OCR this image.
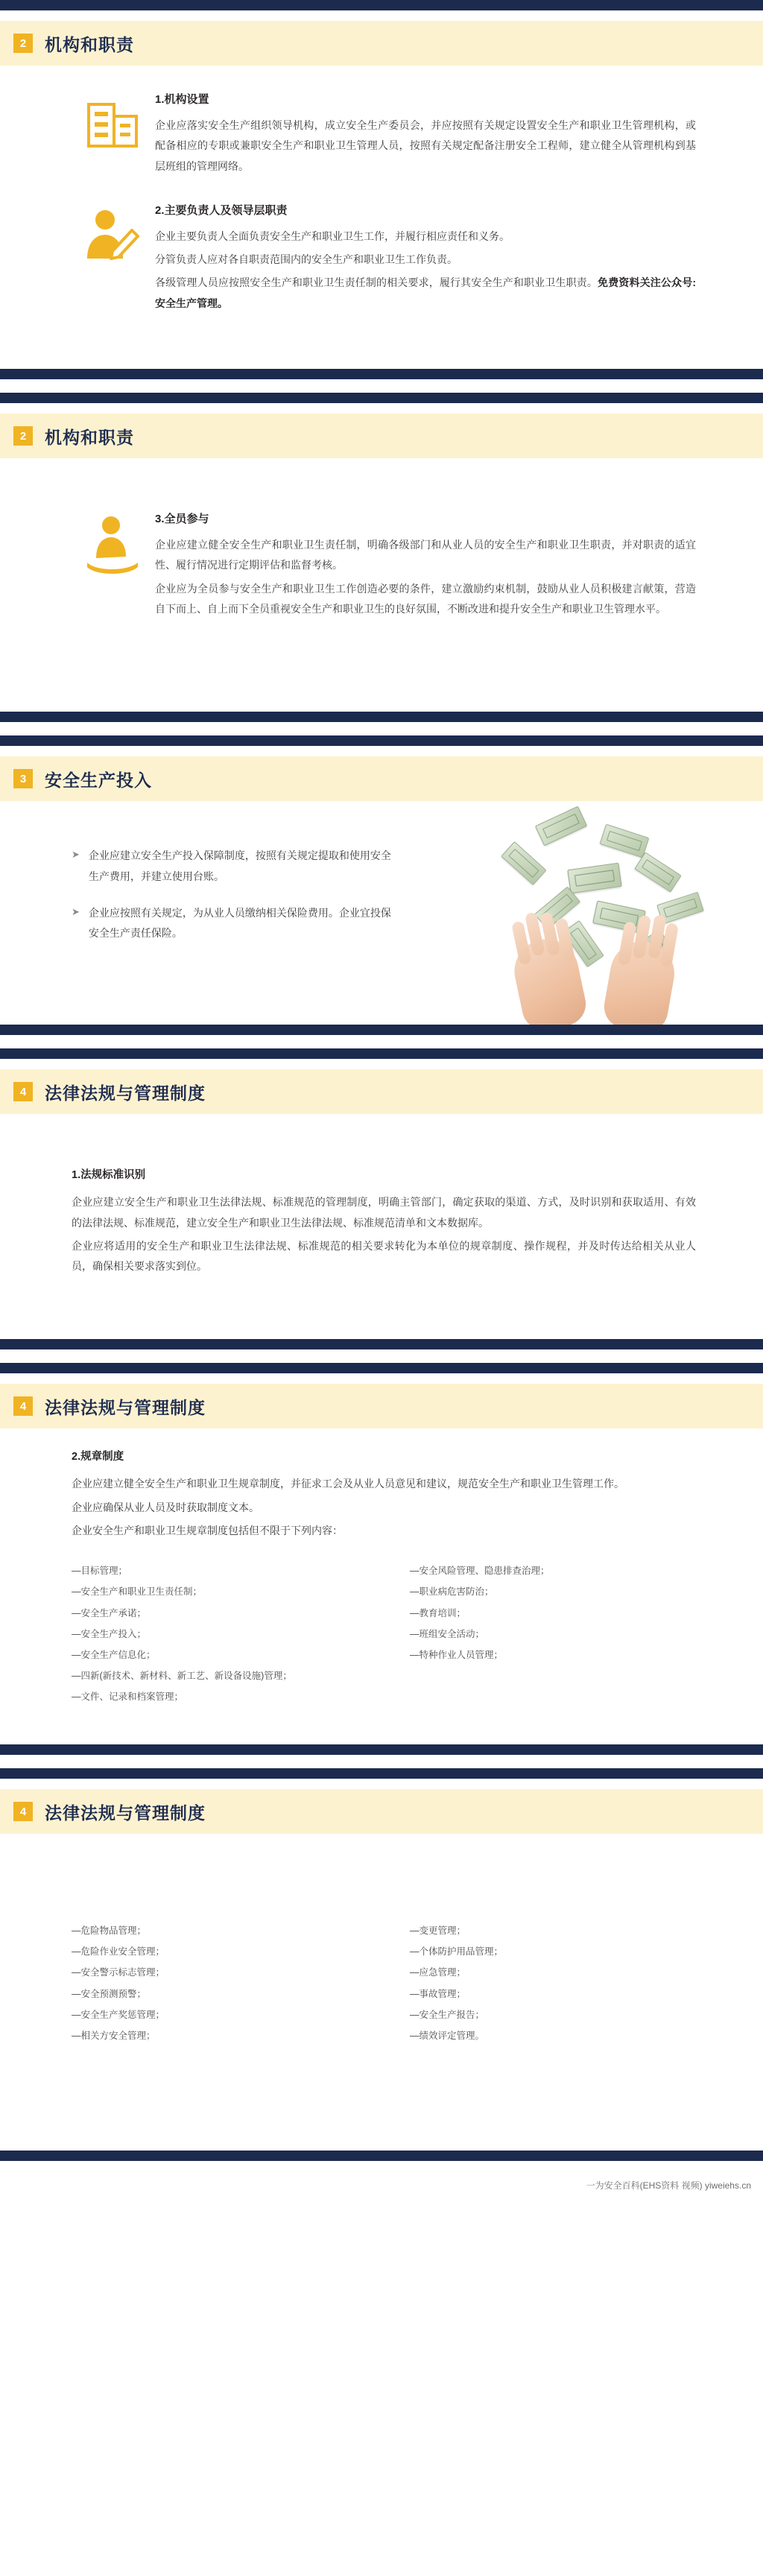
2	机构和职责
1.机构设置

企业应落实安全生产组织领导机构，成立安全生产委员会，并应按照有关规定设置安全生产和职业卫生管理机构，或配备相应的专职或兼职安全生产和职业卫生管理人员，按照有关规定配备注册安全工程师，建立健全从管理机构到基层班组的管理网络。

2.主要负责人及领导层职责

企业主要负责人全面负责安全生产和职业卫生工作，并履行相应责任和义务。

分管负责人应对各自职责范围内的安全生产和职业卫生工作负责。

各级管理人员应按照安全生产和职业卫生责任制的相关要求，履行其安全生产和职业卫生职责。免费资料关注公众号:安全生产管理。

2	机构和职责
3.全员参与

企业应建立健全安全生产和职业卫生责任制，明确各级部门和从业人员的安全生产和职业卫生职责，并对职责的适宜性、履行情况进行定期评估和监督考核。

企业应为全员参与安全生产和职业卫生工作创造必要的条件，建立激励约束机制，鼓励从业人员积极建言献策，营造自下而上、自上而下全员重视安全生产和职业卫生的良好氛围，不断改进和提升安全生产和职业卫生管理水平。

3	安全生产投入
➤ 企业应建立安全生产投入保障制度，按照有关规定提取和使用安全生产费用，并建立使用台账。
➤ 企业应按照有关规定，为从业人员缴纳相关保险费用。企业宜投保安全生产责任保险。
4	法律法规与管理制度
1.法规标准识别

企业应建立安全生产和职业卫生法律法规、标准规范的管理制度，明确主管部门，确定获取的渠道、方式，及时识别和获取适用、有效的法律法规、标准规范，建立安全生产和职业卫生法律法规、标准规范清单和文本数据库。

企业应将适用的安全生产和职业卫生法律法规、标准规范的相关要求转化为本单位的规章制度、操作规程，并及时传达给相关从业人员，确保相关要求落实到位。

4	法律法规与管理制度
2.规章制度

企业应建立健全安全生产和职业卫生规章制度，并征求工会及从业人员意见和建议，规范安全生产和职业卫生管理工作。

企业应确保从业人员及时获取制度文本。

企业安全生产和职业卫生规章制度包括但不限于下列内容：

—目标管理；
—安全生产和职业卫生责任制；
—安全生产承诺；
—安全生产投入；
—安全生产信息化；
—四新(新技术、新材料、新工艺、新设备设施)管理；
—文件、记录和档案管理；
—安全风险管理、隐患排查治理；
—职业病危害防治；
—教育培训；
—班组安全活动；
—特种作业人员管理；
4	法律法规与管理制度
—危险物品管理；
—危险作业安全管理；
—安全警示标志管理；
—安全预测预警；
—安全生产奖惩管理；
—相关方安全管理；
—变更管理；
—个体防护用品管理；
—应急管理；
—事故管理；
—安全生产报告；
—绩效评定管理。
一为安全百科(EHS资料 视频) yiweiehs.cn
